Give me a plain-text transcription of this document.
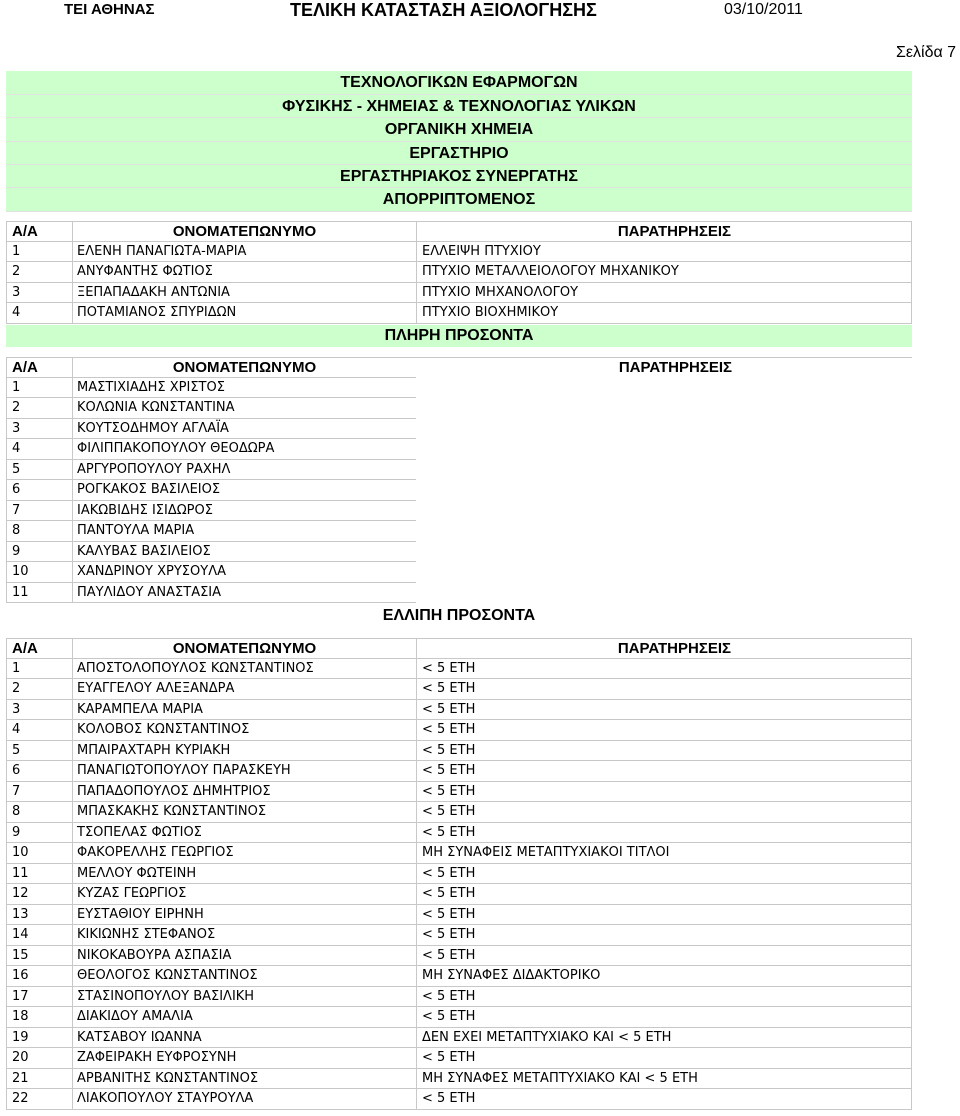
ΤΕΙ ΑΘΗΝΑΣ	ΤΕΛΙΚΗ ΚΑΤΑΣΤΑΣΗ ΑΞΙΟΛΟΓΗΣΗΣ	03/10/2011
Σελίδα 7
ΤΕΧΝΟΛΟΓΙΚΩΝ ΕΦΑΡΜΟΓΩΝ
ΦΥΣΙΚΗΣ - ΧΗΜΕΙΑΣ & ΤΕΧΝΟΛΟΓΙΑΣ ΥΛΙΚΩΝ
ΟΡΓΑΝΙΚΗ ΧΗΜΕΙΑ
ΕΡΓΑΣΤΗΡΙΟ
ΕΡΓΑΣΤΗΡΙΑΚΟΣ ΣΥΝΕΡΓΑΤΗΣ
ΑΠΟΡΡΙΠΤΟΜΕΝΟΣ
Α/Α	ΟΝΟΜΑΤΕΠΩΝΥΜΟ	ΠΑΡΑΤΗΡΗΣΕΙΣ
1	ΕΛΕΝΗ ΠΑΝΑΓΙΩΤΑ-ΜΑΡΙΑ	ΕΛΛΕΙΨΗ ΠΤΥΧΙΟΥ
2	ΑΝΥΦΑΝΤΗΣ ΦΩΤΙΟΣ	ΠΤΥΧΙΟ ΜΕΤΑΛΛΕΙΟΛΟΓΟΥ ΜΗΧΑΝΙΚΟΥ
3	ΞΕΠΑΠΑΔΑΚΗ ΑΝΤΩΝΙΑ	ΠΤΥΧΙΟ ΜΗΧΑΝΟΛΟΓΟΥ
4	ΠΟΤΑΜΙΑΝΟΣ ΣΠΥΡΙΔΩΝ	ΠΤΥΧΙΟ ΒΙΟΧΗΜΙΚΟΥ
ΠΛΗΡΗ ΠΡΟΣΟΝΤΑ
Α/Α	ΟΝΟΜΑΤΕΠΩΝΥΜΟ	ΠΑΡΑΤΗΡΗΣΕΙΣ
1	ΜΑΣΤΙΧΙΑΔΗΣ ΧΡΙΣΤΟΣ
2	ΚΟΛΩΝΙΑ ΚΩΝΣΤΑΝΤΙΝΑ
3	ΚΟΥΤΣΟΔΗΜΟΥ ΑΓΛΑΪΑ
4	ΦΙΛΙΠΠΑΚΟΠΟΥΛΟΥ ΘΕΟΔΩΡΑ
5	ΑΡΓΥΡΟΠΟΥΛΟΥ ΡΑΧΗΛ
6	ΡΟΓΚΑΚΟΣ ΒΑΣΙΛΕΙΟΣ
7	ΙΑΚΩΒΙΔΗΣ ΙΣΙΔΩΡΟΣ
8	ΠΑΝΤΟΥΛΑ ΜΑΡΙΑ
9	ΚΑΛΥΒΑΣ ΒΑΣΙΛΕΙΟΣ
10	ΧΑΝΔΡΙΝΟΥ ΧΡΥΣΟΥΛΑ
11	ΠΑΥΛΙΔΟΥ ΑΝΑΣΤΑΣΙΑ
ΕΛΛΙΠΗ ΠΡΟΣΟΝΤΑ
Α/Α	ΟΝΟΜΑΤΕΠΩΝΥΜΟ	ΠΑΡΑΤΗΡΗΣΕΙΣ
1	ΑΠΟΣΤΟΛΟΠΟΥΛΟΣ ΚΩΝΣΤΑΝΤΙΝΟΣ	< 5 ΕΤΗ
2	ΕΥΑΓΓΕΛΟΥ ΑΛΕΞΑΝΔΡΑ	< 5 ΕΤΗ
3	ΚΑΡΑΜΠΕΛΑ ΜΑΡΙΑ	< 5 ΕΤΗ
4	ΚΟΛΟΒΟΣ ΚΩΝΣΤΑΝΤΙΝΟΣ	< 5 ΕΤΗ
5	ΜΠΑΙΡΑΧΤΑΡΗ ΚΥΡΙΑΚΗ	< 5 ΕΤΗ
6	ΠΑΝΑΓΙΩΤΟΠΟΥΛΟΥ ΠΑΡΑΣΚΕΥΗ	< 5 ΕΤΗ
7	ΠΑΠΑΔΟΠΟΥΛΟΣ ΔΗΜΗΤΡΙΟΣ	< 5 ΕΤΗ
8	ΜΠΑΣΚΑΚΗΣ ΚΩΝΣΤΑΝΤΙΝΟΣ	< 5 ΕΤΗ
9	ΤΣΟΠΕΛΑΣ ΦΩΤΙΟΣ	< 5 ΕΤΗ
10	ΦΑΚΟΡΕΛΛΗΣ ΓΕΩΡΓΙΟΣ	ΜΗ ΣΥΝΑΦΕΙΣ ΜΕΤΑΠΤΥΧΙΑΚΟΙ ΤΙΤΛΟΙ
11	ΜΕΛΛΟΥ ΦΩΤΕΙΝΗ	< 5 ΕΤΗ
12	ΚΥΖΑΣ ΓΕΩΡΓΙΟΣ	< 5 ΕΤΗ
13	ΕΥΣΤΑΘΙΟΥ ΕΙΡΗΝΗ	< 5 ΕΤΗ
14	ΚΙΚΙΩΝΗΣ ΣΤΕΦΑΝΟΣ	< 5 ΕΤΗ
15	ΝΙΚΟΚΑΒΟΥΡΑ ΑΣΠΑΣΙΑ	< 5 ΕΤΗ
16	ΘΕΟΛΟΓΟΣ ΚΩΝΣΤΑΝΤΙΝΟΣ	ΜΗ ΣΥΝΑΦΕΣ ΔΙΔΑΚΤΟΡΙΚΟ
17	ΣΤΑΣΙΝΟΠΟΥΛΟΥ ΒΑΣΙΛΙΚΗ	< 5 ΕΤΗ
18	ΔΙΑΚΙΔΟΥ ΑΜΑΛΙΑ	< 5 ΕΤΗ
19	ΚΑΤΣΑΒΟΥ ΙΩΑΝΝΑ	ΔΕΝ ΕΧΕΙ ΜΕΤΑΠΤΥΧΙΑΚΟ ΚΑΙ < 5 ΕΤΗ
20	ΖΑΦΕΙΡΑΚΗ ΕΥΦΡΟΣΥΝΗ	< 5 ΕΤΗ
21	ΑΡΒΑΝΙΤΗΣ ΚΩΝΣΤΑΝΤΙΝΟΣ	ΜΗ ΣΥΝΑΦΕΣ ΜΕΤΑΠΤΥΧΙΑΚΟ ΚΑΙ < 5 ΕΤΗ
22	ΛΙΑΚΟΠΟΥΛΟΥ ΣΤΑΥΡΟΥΛΑ	< 5 ΕΤΗ
